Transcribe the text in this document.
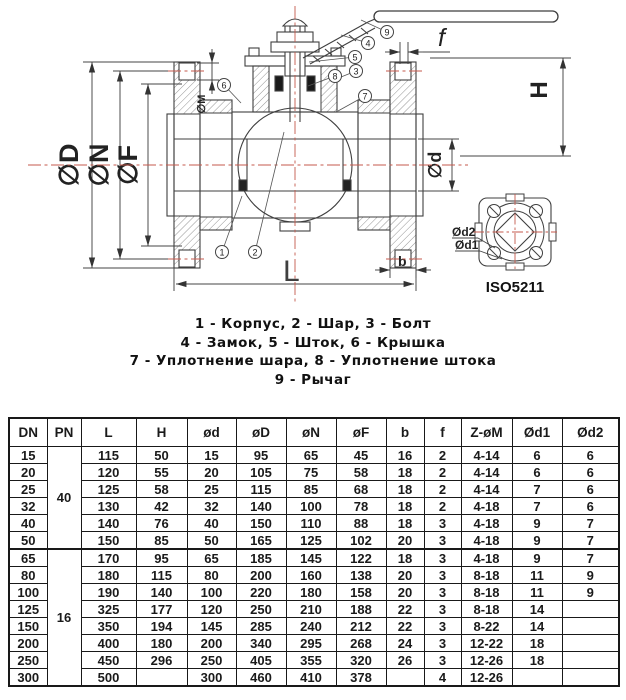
∅D ∅N ∅F
∅M
f
H
∅d
b
L
1	2
3
4
5
6
7
8
9
Ød2
Ød1
ISO5211
1 - Корпус, 2 - Шар, 3 - Болт
4 - Замок, 5 - Шток, 6 - Крышка
7 - Уплотнение шара, 8 - Уплотнение штока
9 - Рычаг
DN	PN	L	H	ød	øD	øN	øF	b	f	Z-øM	Ød1	Ød2
15	40	115	50	15	95	65	45	16	2	4-14	6	6
20		120	55	20	105	75	58	18	2	4-14	6	6
25		125	58	25	115	85	68	18	2	4-14	7	6
32		130	42	32	140	100	78	18	2	4-18	7	6
40		140	76	40	150	110	88	18	3	4-18	9	7
50		150	85	50	165	125	102	20	3	4-18	9	7
65	16	170	95	65	185	145	122	18	3	4-18	9	7
80		180	115	80	200	160	138	20	3	8-18	11	9
100		190	140	100	220	180	158	20	3	8-18	11	9
125		325	177	120	250	210	188	22	3	8-18	14	
150		350	194	145	285	240	212	22	3	8-22	14	
200		400	180	200	340	295	268	24	3	12-22	18	
250		450	296	250	405	355	320	26	3	12-26	18	
300		500		300	460	410	378		4	12-26		
